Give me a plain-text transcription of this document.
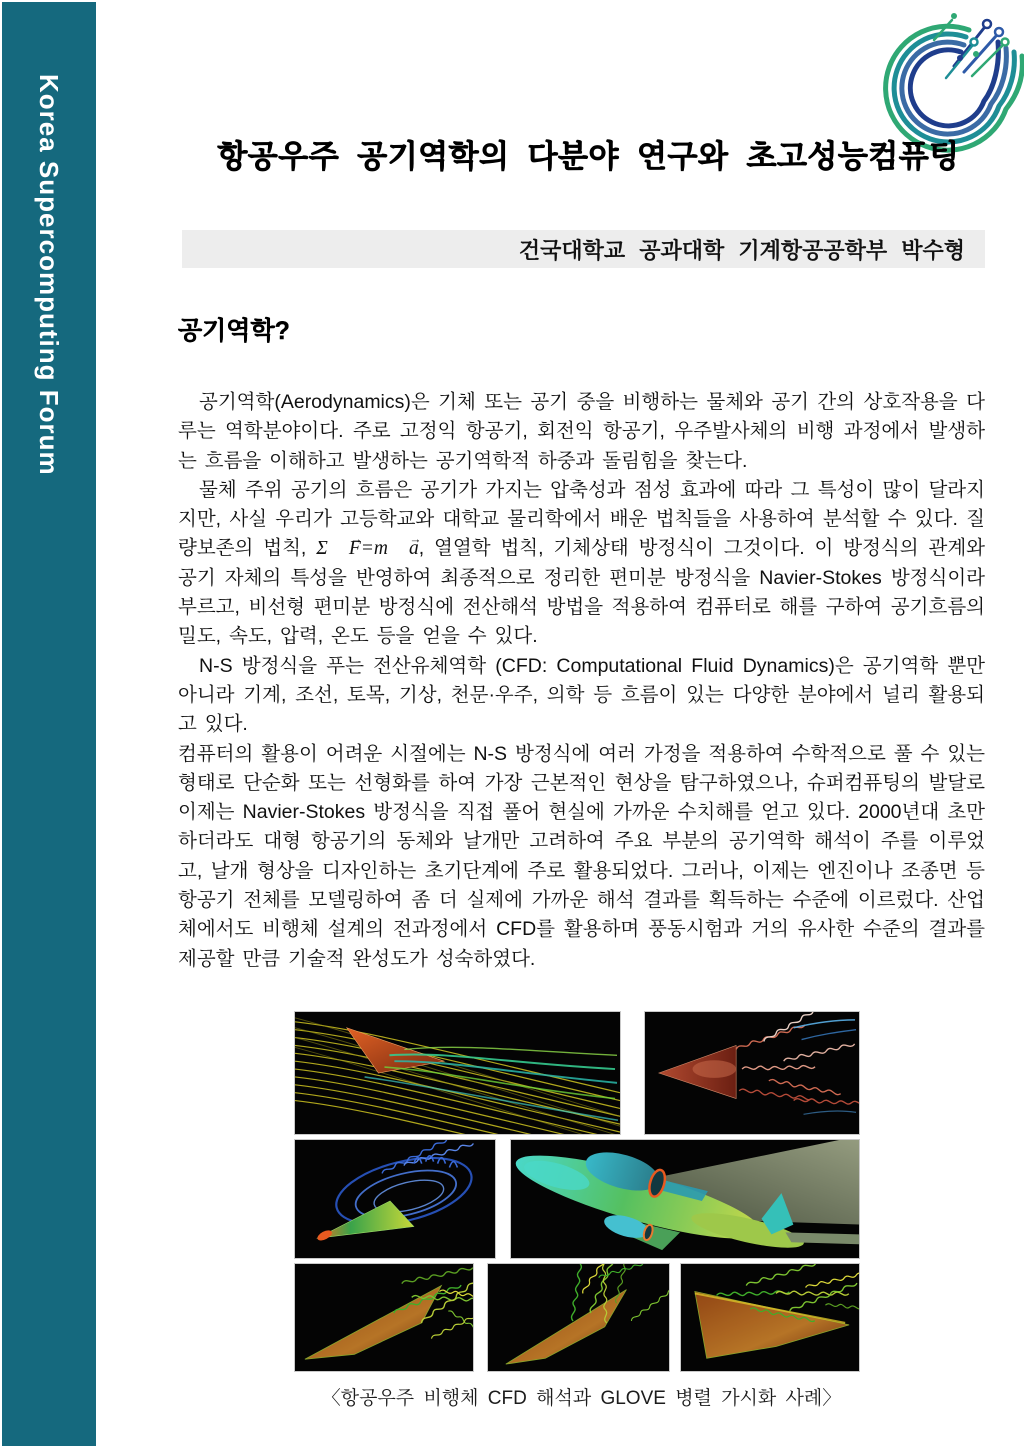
Korea Supercomputing Forum	항공우주 공기역학의 다분야 연구와 초고성능컴퓨팅
건국대학교 공과대학 기계항공공학부 박수형
공기역학?

공기역학(Aerodynamics)은 기체 또는 공기 중을 비행하는 물체와 공기 간의 상호작용을 다루는 역학분야이다. 주로 고정익 항공기, 회전익 항공기, 우주발사체의 비행 과정에서 발생하는 흐름을 이해하고 발생하는 공기역학적 하중과 돌림힘을 찾는다.

물체 주위 공기의 흐름은 공기가 가지는 압축성과 점성 효과에 따라 그 특성이 많이 달라지지만, 사실 우리가 고등학교와 대학교 물리학에서 배운 법칙들을 사용하여 분석할 수 있다. 질량보존의 법칙, Σ F →=m a →, 열열학 법칙, 기체상태 방정식이 그것이다. 이 방정식의 관계와 공기 자체의 특성을 반영하여 최종적으로 정리한 편미분 방정식을 Navier-Stokes 방정식이라 부르고, 비선형 편미분 방정식에 전산해석 방법을 적용하여 컴퓨터로 해를 구하여 공기흐름의 밀도, 속도, 압력, 온도 등을 얻을 수 있다.

N-S 방정식을 푸는 전산유체역학 (CFD: Computational Fluid Dynamics)은 공기역학 뿐만 아니라 기계, 조선, 토목, 기상, 천문·우주, 의학 등 흐름이 있는 다양한 분야에서 널리 활용되고 있다.

컴퓨터의 활용이 어려운 시절에는 N-S 방정식에 여러 가정을 적용하여 수학적으로 풀 수 있는 형태로 단순화 또는 선형화를 하여 가장 근본적인 현상을 탐구하였으나, 슈퍼컴퓨팅의 발달로 이제는 Navier-Stokes 방정식을 직접 풀어 현실에 가까운 수치해를 얻고 있다. 2000년대 초만 하더라도 대형 항공기의 동체와 날개만 고려하여 주요 부분의 공기역학 해석이 주를 이루었고, 날개 형상을 디자인하는 초기단계에 주로 활용되었다. 그러나, 이제는 엔진이나 조종면 등 항공기 전체를 모델링하여 좀 더 실제에 가까운 해석 결과를 획득하는 수준에 이르렀다. 산업체에서도 비행체 설계의 전과정에서 CFD를 활용하며 풍동시험과 거의 유사한 수준의 결과를 제공할 만큼 기술적 완성도가 성숙하였다.

〈항공우주 비행체 CFD 해석과 GLOVE 병렬 가시화 사례〉
